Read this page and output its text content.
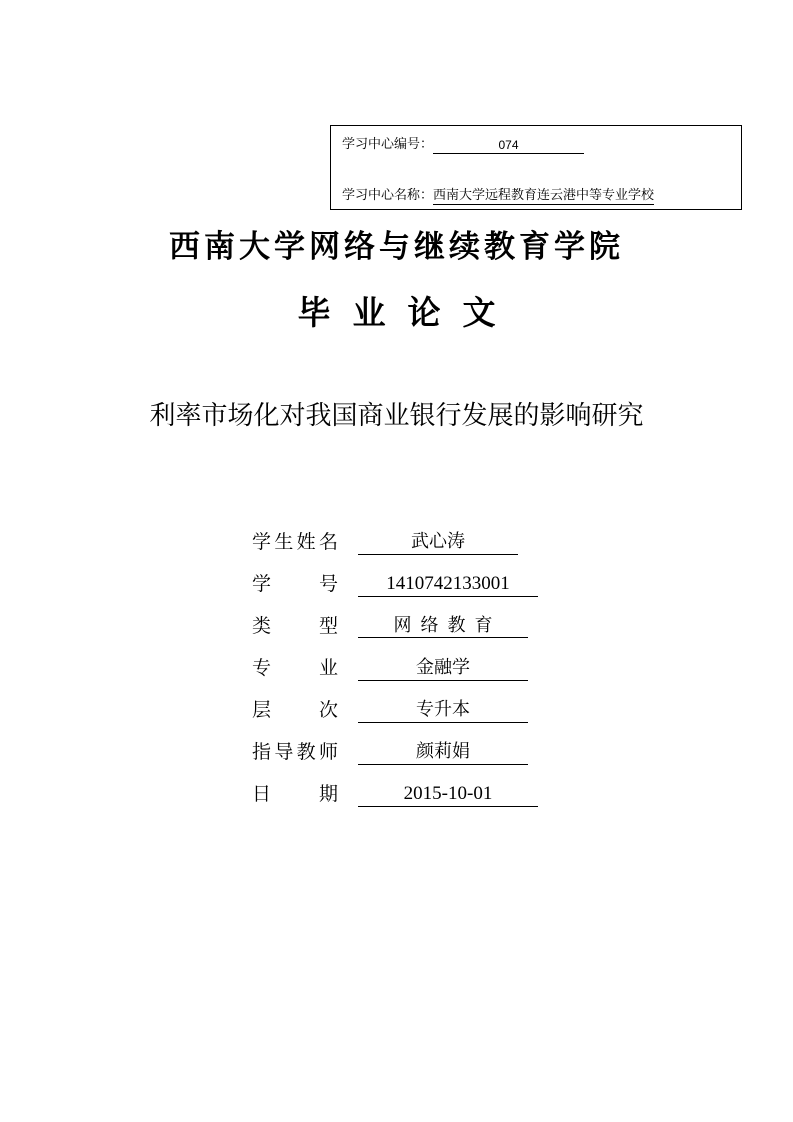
学习中心编号：	074
学习中心名称： 西南大学远程教育连云港中等专业学校
西南大学网络与继续教育学院
毕业论文
利率市场化对我国商业银行发展的影响研究
学 生 姓 名	武心涛
学	号	1410742133001
类	型	网络教育
专	业	金融学
层	次	专升本
指 导 教 师	颜莉娟
日	期	2015-10-01
